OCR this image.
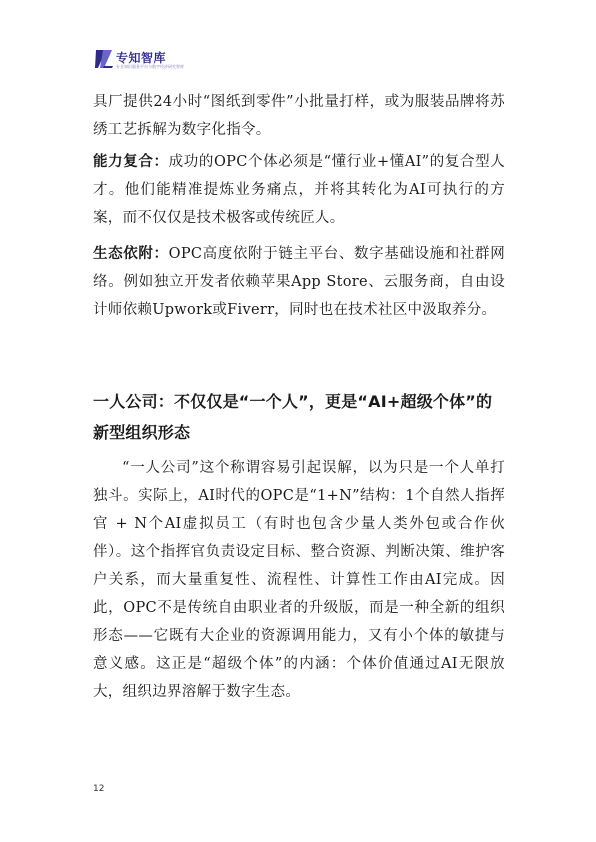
专知智库
专业知识服务平台与数字经济研究智库

具厂提供24小时“图纸到零件”小批量打样，或为服装品牌将苏绣工艺拆解为数字化指令。

能力复合：成功的OPC个体必须是“懂行业+懂AI”的复合型人才。他们能精准提炼业务痛点，并将其转化为AI可执行的方案，而不仅仅是技术极客或传统匠人。

生态依附：OPC高度依附于链主平台、数字基础设施和社群网络。例如独立开发者依赖苹果App Store、云服务商，自由设计师依赖Upwork或Fiverr，同时也在技术社区中汲取养分。

一人公司：不仅仅是“一个人”，更是“AI+超级个体”的新型组织形态

“一人公司”这个称谓容易引起误解，以为只是一个人单打独斗。实际上，AI时代的OPC是“1+N”结构：1个自然人指挥官 + N个AI虚拟员工（有时也包含少量人类外包或合作伙伴）。这个指挥官负责设定目标、整合资源、判断决策、维护客户关系，而大量重复性、流程性、计算性工作由AI完成。因此，OPC不是传统自由职业者的升级版，而是一种全新的组织形态——它既有大企业的资源调用能力，又有小个体的敏捷与意义感。这正是“超级个体”的内涵：个体价值通过AI无限放大，组织边界溶解于数字生态。

12
